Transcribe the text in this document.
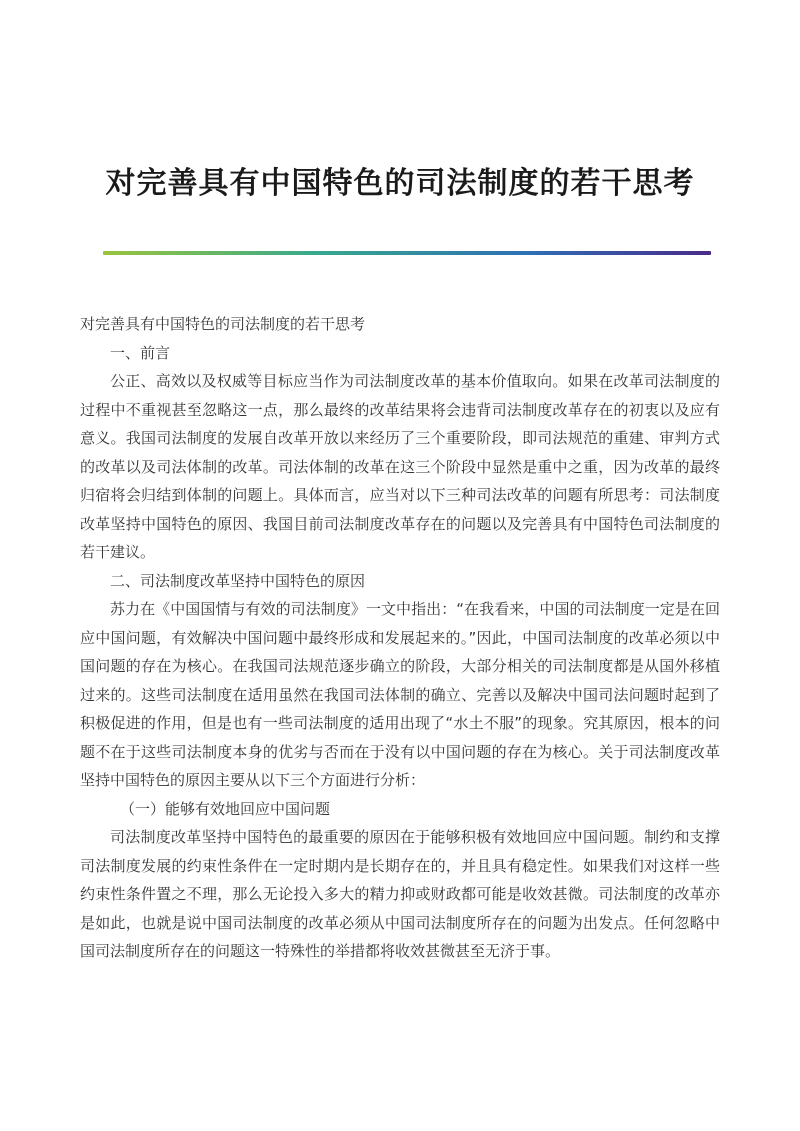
对完善具有中国特色的司法制度的若干思考

对完善具有中国特色的司法制度的若干思考

一、前言

公正、高效以及权威等目标应当作为司法制度改革的基本价值取向。如果在改革司法制度的过程中不重视甚至忽略这一点，那么最终的改革结果将会违背司法制度改革存在的初衷以及应有意义。我国司法制度的发展自改革开放以来经历了三个重要阶段，即司法规范的重建、审判方式的改革以及司法体制的改革。司法体制的改革在这三个阶段中显然是重中之重，因为改革的最终归宿将会归结到体制的问题上。具体而言，应当对以下三种司法改革的问题有所思考：司法制度改革坚持中国特色的原因、我国目前司法制度改革存在的问题以及完善具有中国特色司法制度的若干建议。

二、司法制度改革坚持中国特色的原因

苏力在《中国国情与有效的司法制度》一文中指出：“在我看来，中国的司法制度一定是在回应中国问题，有效解决中国问题中最终形成和发展起来的。”因此，中国司法制度的改革必须以中国问题的存在为核心。在我国司法规范逐步确立的阶段，大部分相关的司法制度都是从国外移植过来的。这些司法制度在适用虽然在我国司法体制的确立、完善以及解决中国司法问题时起到了积极促进的作用，但是也有一些司法制度的适用出现了“水土不服”的现象。究其原因，根本的问题不在于这些司法制度本身的优劣与否而在于没有以中国问题的存在为核心。关于司法制度改革坚持中国特色的原因主要从以下三个方面进行分析：

（一）能够有效地回应中国问题

司法制度改革坚持中国特色的最重要的原因在于能够积极有效地回应中国问题。制约和支撑司法制度发展的约束性条件在一定时期内是长期存在的，并且具有稳定性。如果我们对这样一些约束性条件置之不理，那么无论投入多大的精力抑或财政都可能是收效甚微。司法制度的改革亦是如此，也就是说中国司法制度的改革必须从中国司法制度所存在的问题为出发点。任何忽略中国司法制度所存在的问题这一特殊性的举措都将收效甚微甚至无济于事。
